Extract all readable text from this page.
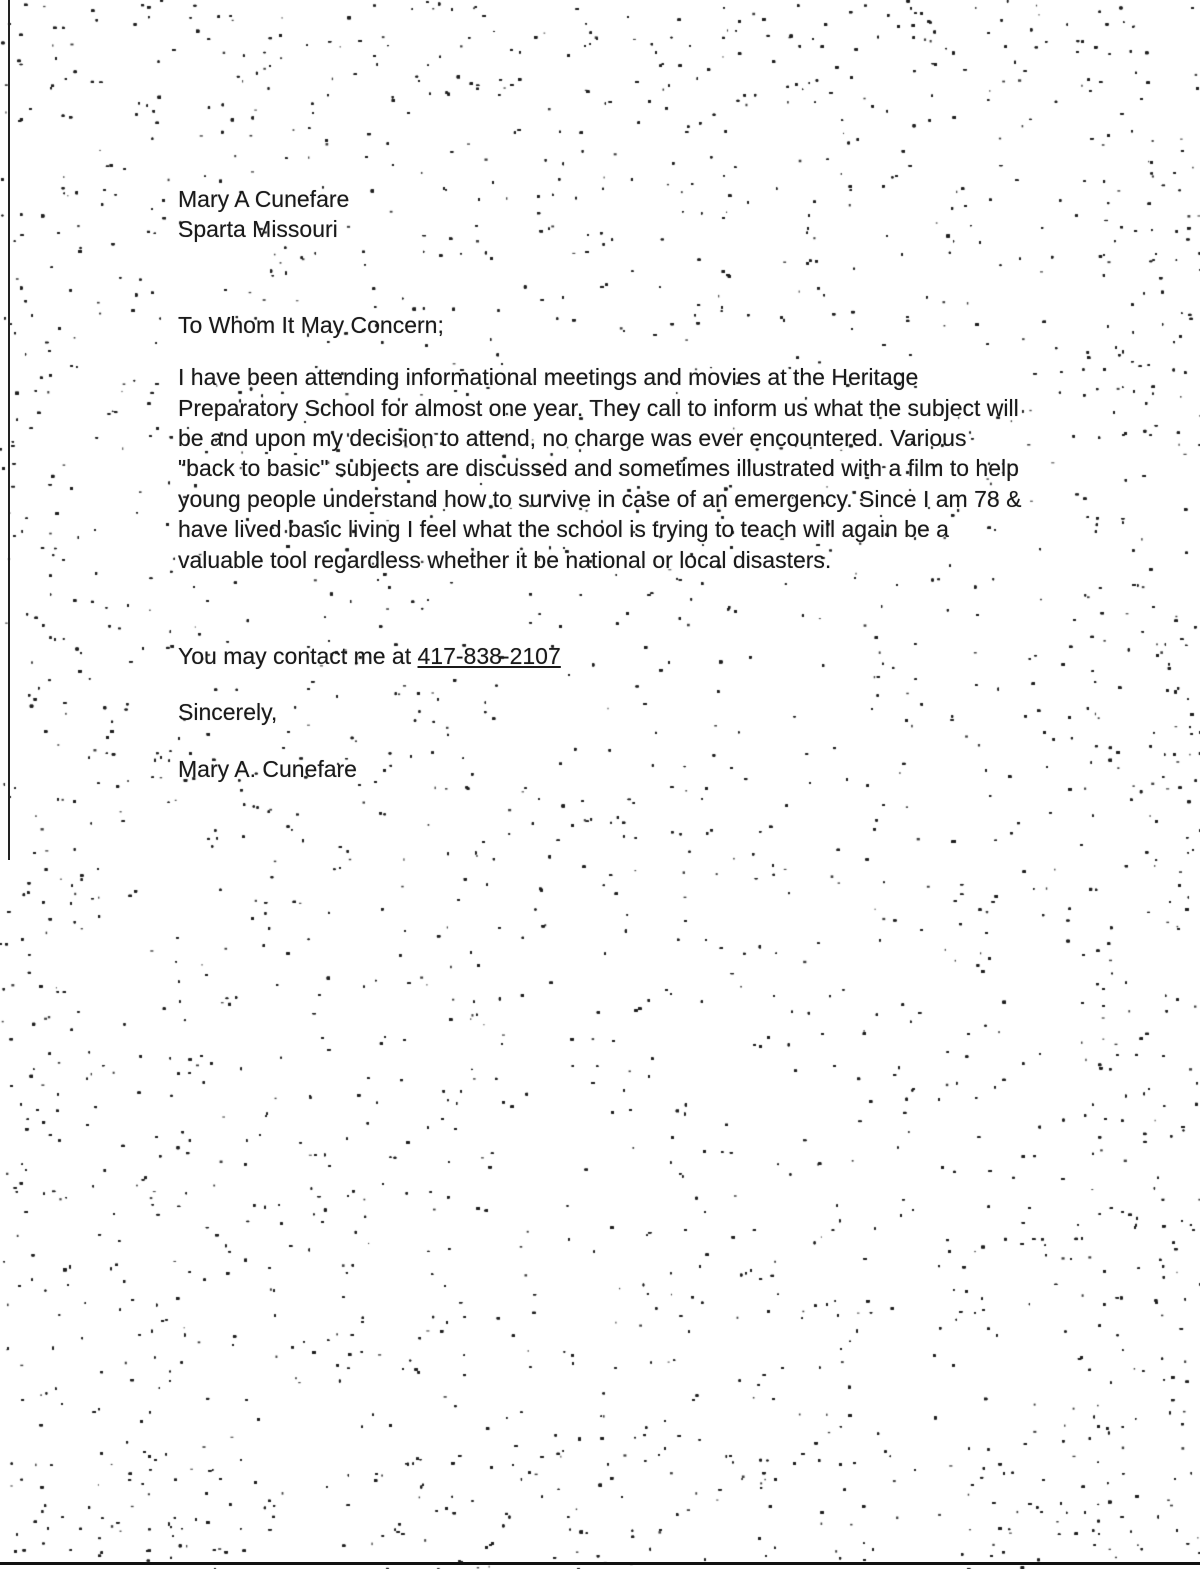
Mary A Cunefare
Sparta Missouri
To Whom It May Concern;
I have been attending informational meetings and movies at the Heritage Preparatory School for almost one year. They call to inform us what the subject will be and upon my decision to attend, no charge was ever encountered. Various "back to basic" subjects are discussed and sometimes illustrated with a film to help young people understand how to survive in case of an emergency. Since I am 78 & have lived basic living I feel what the school is trying to teach will again be a valuable tool regardless whether it be national or local disasters.
You may contact me at 417-838-2107
Sincerely,
Mary A. Cunefare
